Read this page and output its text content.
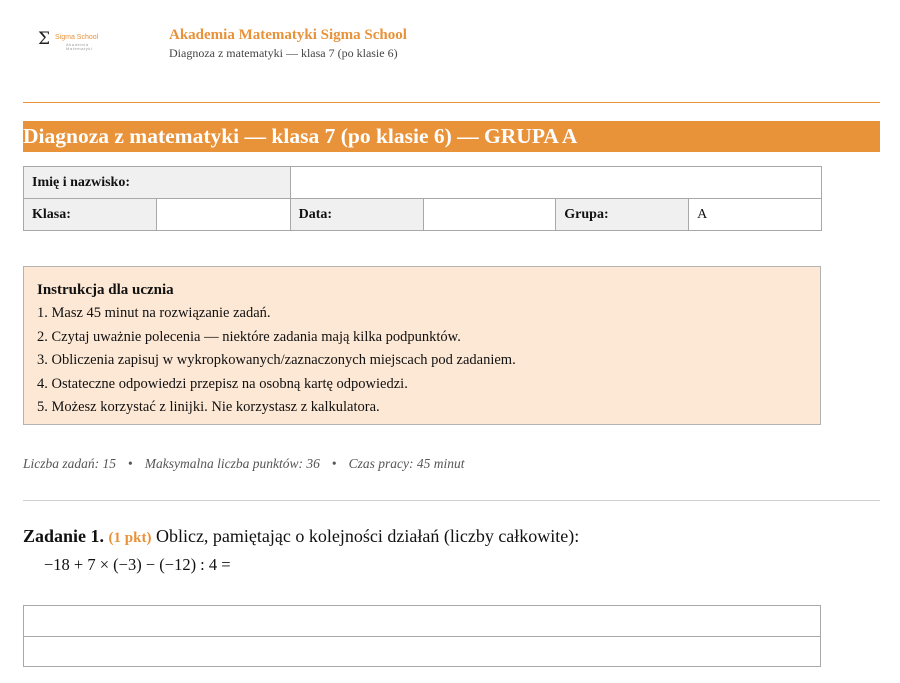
Σ Sigma School
Akademia Matematyki
Akademia Matematyki Sigma School
Diagnoza z matematyki — klasa 7 (po klasie 6)
Diagnoza z matematyki — klasa 7 (po klasie 6) — GRUPA A
Imię i nazwisko:					
Klasa:		Data:		Grupa:	A
Instrukcja dla ucznia
1. Masz 45 minut na rozwiązanie zadań.
2. Czytaj uważnie polecenia — niektóre zadania mają kilka podpunktów.
3. Obliczenia zapisuj w wykropkowanych/zaznaczonych miejscach pod zadaniem.
4. Ostateczne odpowiedzi przepisz na osobną kartę odpowiedzi.
5. Możesz korzystać z linijki. Nie korzystasz z kalkulatora.
Liczba zadań: 15 • Maksymalna liczba punktów: 36 • Czas pracy: 45 minut
Zadanie 1. (1 pkt) Oblicz, pamiętając o kolejności działań (liczby całkowite):
−18 + 7 × (−3) − (−12) : 4 =
